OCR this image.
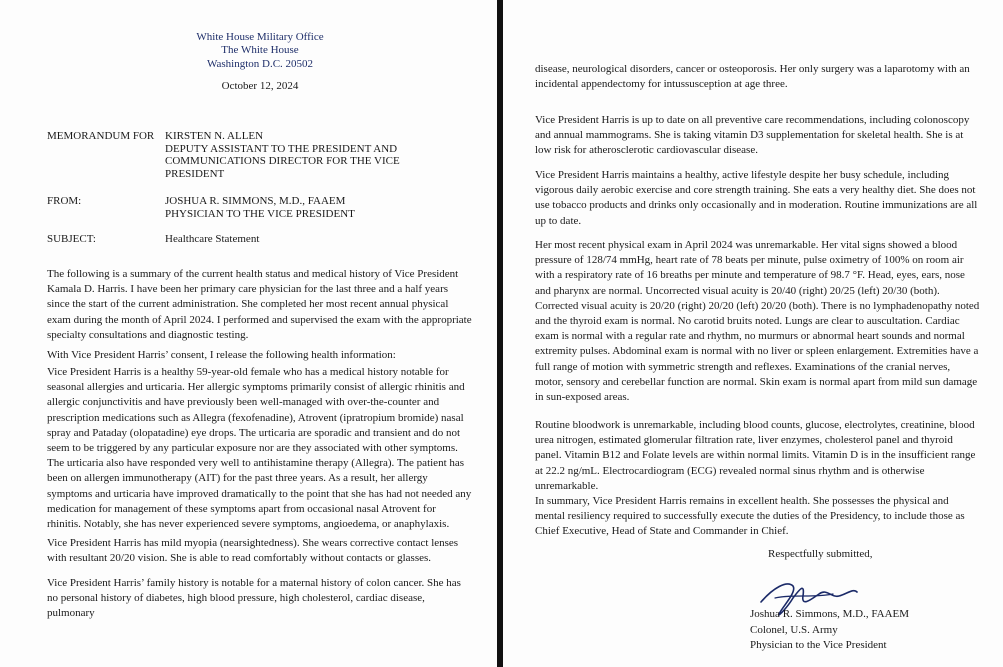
White House Military Office
The White House
Washington D.C. 20502
October 12, 2024
MEMORANDUM FOR KIRSTEN N. ALLEN
DEPUTY ASSISTANT TO THE PRESIDENT AND
COMMUNICATIONS DIRECTOR FOR THE VICE
PRESIDENT
FROM:	JOSHUA R. SIMMONS, M.D., FAAEM
PHYSICIAN TO THE VICE PRESIDENT
SUBJECT:	Healthcare Statement

The following is a summary of the current health status and medical history of Vice President Kamala D. Harris. I have been her primary care physician for the last three and a half years since the start of the current administration. She completed her most recent annual physical exam during the month of April 2024. I performed and supervised the exam with the appropriate specialty consultations and diagnostic testing.

With Vice President Harris’ consent, I release the following health information:

Vice President Harris is a healthy 59-year-old female who has a medical history notable for seasonal allergies and urticaria. Her allergic symptoms primarily consist of allergic rhinitis and allergic conjunctivitis and have previously been well-managed with over-the-counter and prescription medications such as Allegra (fexofenadine), Atrovent (ipratropium bromide) nasal spray and Pataday (olopatadine) eye drops. The urticaria are sporadic and transient and do not seem to be triggered by any particular exposure nor are they associated with other symptoms. The urticaria also have responded very well to antihistamine therapy (Allegra). The patient has been on allergen immunotherapy (AIT) for the past three years. As a result, her allergy symptoms and urticaria have improved dramatically to the point that she has had not needed any medication for management of these symptoms apart from occasional nasal Atrovent for rhinitis. Notably, she has never experienced severe symptoms, angioedema, or anaphylaxis.

Vice President Harris has mild myopia (nearsightedness). She wears corrective contact lenses with resultant 20/20 vision. She is able to read comfortably without contacts or glasses.

Vice President Harris’ family history is notable for a maternal history of colon cancer. She has no personal history of diabetes, high blood pressure, high cholesterol, cardiac disease, pulmonary

disease, neurological disorders, cancer or osteoporosis. Her only surgery was a laparotomy with an incidental appendectomy for intussusception at age three.

Vice President Harris is up to date on all preventive care recommendations, including colonoscopy and annual mammograms. She is taking vitamin D3 supplementation for skeletal health. She is at low risk for atherosclerotic cardiovascular disease.

Vice President Harris maintains a healthy, active lifestyle despite her busy schedule, including vigorous daily aerobic exercise and core strength training. She eats a very healthy diet. She does not use tobacco products and drinks only occasionally and in moderation. Routine immunizations are all up to date.

Her most recent physical exam in April 2024 was unremarkable. Her vital signs showed a blood pressure of 128/74 mmHg, heart rate of 78 beats per minute, pulse oximetry of 100% on room air with a respiratory rate of 16 breaths per minute and temperature of 98.7 °F. Head, eyes, ears, nose and pharynx are normal. Uncorrected visual acuity is 20/40 (right) 20/25 (left) 20/30 (both). Corrected visual acuity is 20/20 (right) 20/20 (left) 20/20 (both). There is no lymphadenopathy noted and the thyroid exam is normal. No carotid bruits noted. Lungs are clear to auscultation. Cardiac exam is normal with a regular rate and rhythm, no murmurs or abnormal heart sounds and normal extremity pulses. Abdominal exam is normal with no liver or spleen enlargement. Extremities have a full range of motion with symmetric strength and reflexes. Examinations of the cranial nerves, motor, sensory and cerebellar function are normal. Skin exam is normal apart from mild sun damage in sun-exposed areas.

Routine bloodwork is unremarkable, including blood counts, glucose, electrolytes, creatinine, blood urea nitrogen, estimated glomerular filtration rate, liver enzymes, cholesterol panel and thyroid panel. Vitamin B12 and Folate levels are within normal limits. Vitamin D is in the insufficient range at 22.2 ng/mL. Electrocardiogram (ECG) revealed normal sinus rhythm and is otherwise unremarkable.

In summary, Vice President Harris remains in excellent health. She possesses the physical and mental resiliency required to successfully execute the duties of the Presidency, to include those as Chief Executive, Head of State and Commander in Chief.

Respectfully submitted,
Joshua R. Simmons, M.D., FAAEM
Colonel, U.S. Army
Physician to the Vice President
